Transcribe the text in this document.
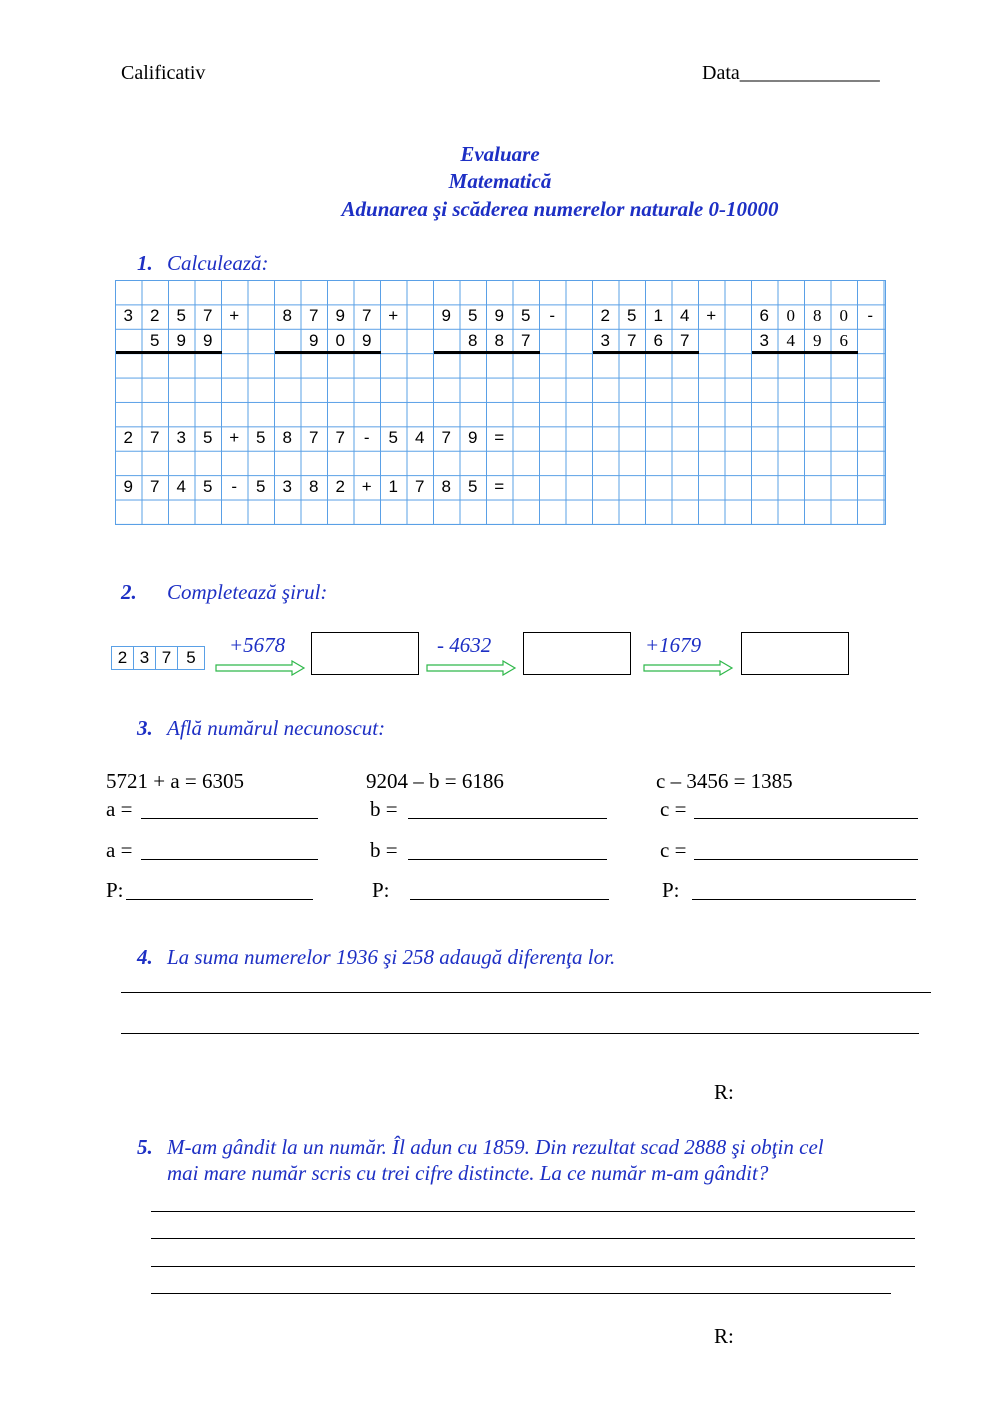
Calificativ	Data______________
Evaluare
Matematică
Adunarea şi scăderea numerelor naturale 0-10000
1. Calculează:
3	2	5	7 +
5	9	9
8	7	9	7 +
9	0	9
9	5	9	5	-
8	8	7
2	5	1	4 +
3	7	6	7
6	0	8	0	-
3	4	9	6
2	7	3	5 + 5	8	7	7	-	5	4	7	9 =
9	7	4	5	-	5	3	8	2 + 1	7	8	5 =
2. Completează şirul:
2 3 7 5
+5678	- 4632	+1679
3. Află numărul necunoscut:
5721 + a = 6305	9204 – b = 6186	c – 3456 = 1385
a =	b =	c =
a =	b =	c =
P:	P:	P:
4. La suma numerelor 1936 şi 258 adaugă diferenţa lor.
R:
5. M-am gândit la un număr. Îl adun cu 1859. Din rezultat scad 2888 şi obţin cel
mai mare număr scris cu trei cifre distincte. La ce număr m-am gândit?
R:
